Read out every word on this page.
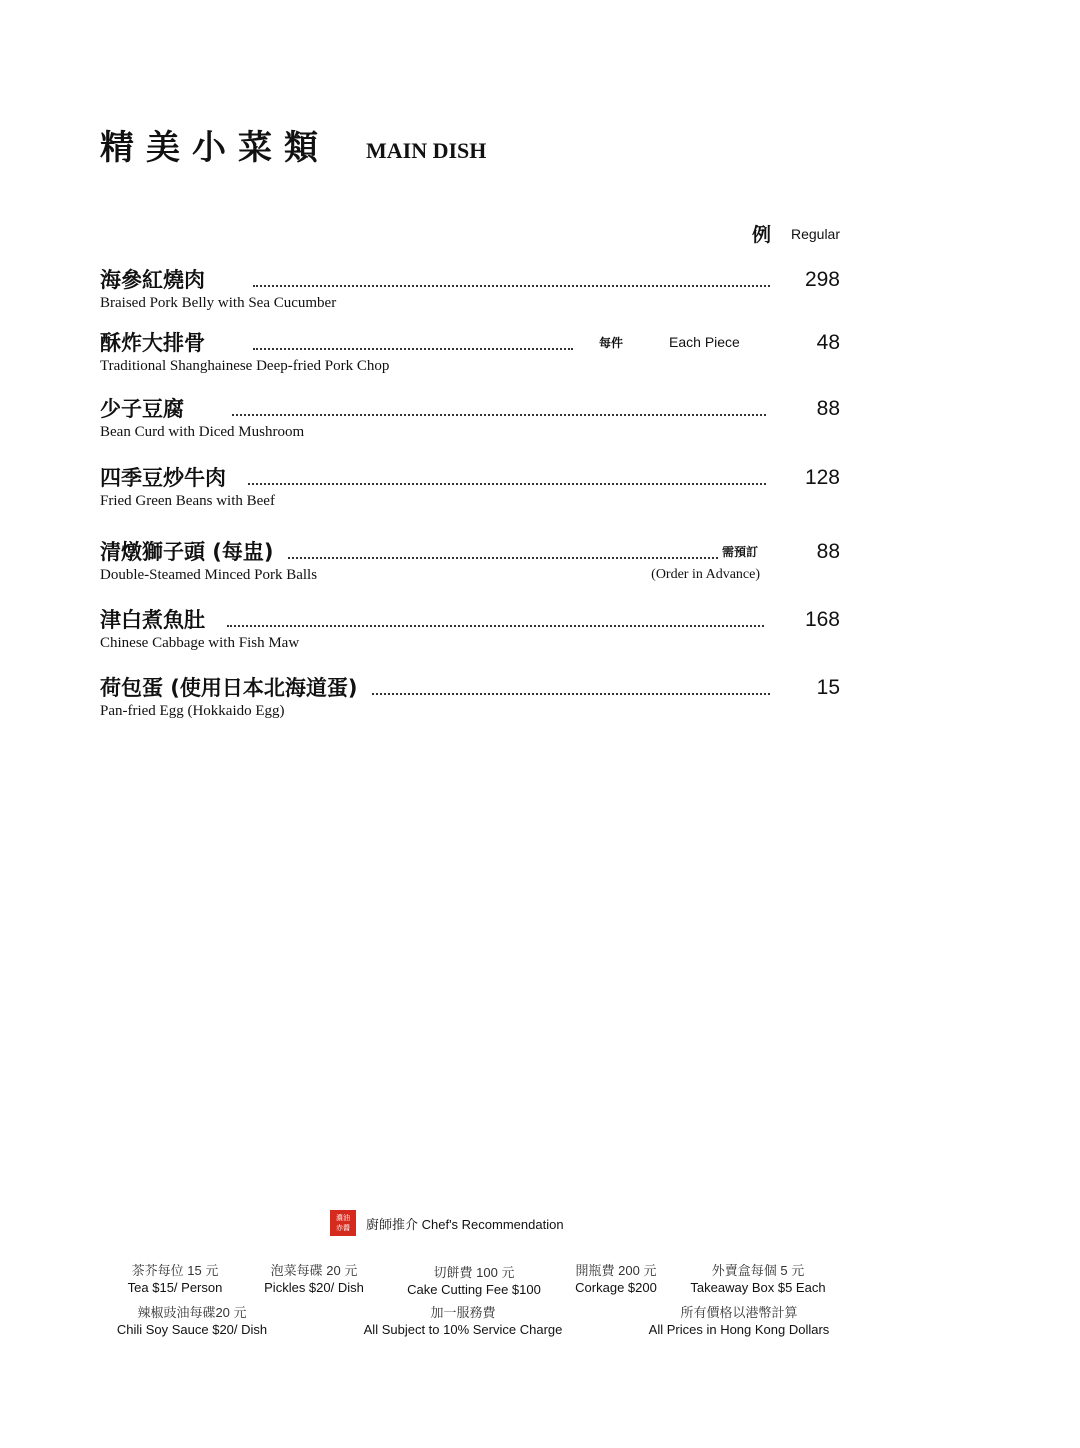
精美小菜類 MAIN DISH
例 Regular
海參紅燒肉	298
Braised Pork Belly with Sea Cucumber
酥炸大排骨	每件	Each Piece	48
Traditional Shanghainese Deep-fried Pork Chop
少子豆腐	88
Bean Curd with Diced Mushroom
四季豆炒牛肉	128
Fried Green Beans with Beef
清燉獅子頭 (每盅)	需預訂	88
Double-Steamed Minced Pork Balls	(Order in Advance)
津白煮魚肚	168
Chinese Cabbage with Fish Maw
荷包蛋 (使用日本北海道蛋)	15
Pan-fried Egg (Hokkaido Egg)
濃油
赤醬	廚師推介 Chef's Recommendation
茶芥每位 15 元
Tea $15/ Person
泡菜每碟 20 元
Pickles $20/ Dish
切餅費 100 元
Cake Cutting Fee $100
開瓶費 200 元
Corkage $200
外賣盒每個 5 元
Takeaway Box $5 Each
辣椒豉油每碟20 元
Chili Soy Sauce $20/ Dish
加一服務費
All Subject to 10% Service Charge
所有價格以港幣計算
All Prices in Hong Kong Dollars
